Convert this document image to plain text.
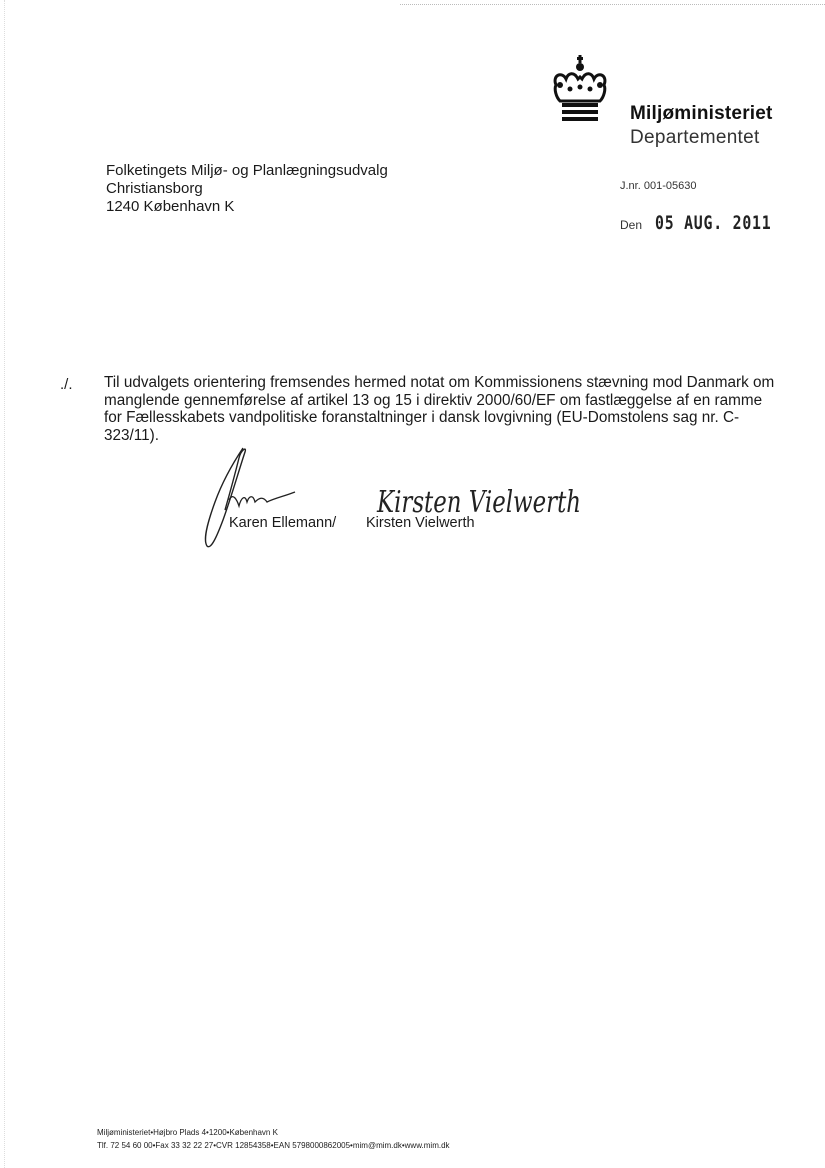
Miljøministeriet
Departementet
Folketingets Miljø- og Planlægningsudvalg
Christiansborg
1240 København K
J.nr. 001-05630
Den 05 AUG. 2011
./. Til udvalgets orientering fremsendes hermed notat om Kommissionens stævning mod Danmark om
manglende gennemførelse af artikel 13 og 15 i direktiv 2000/60/EF om fastlæggelse af en ramme
for Fællesskabets vandpolitiske foranstaltninger i dansk lovgivning (EU-Domstolens sag nr. C-
323/11).
Kirsten Vielwerth
Karen Ellemann/ Kirsten Vielwerth
Miljøministeriet•Højbro Plads 4•1200•København K
Tlf. 72 54 60 00•Fax 33 32 22 27•CVR 12854358•EAN 5798000862005•mim@mim.dk•www.mim.dk
